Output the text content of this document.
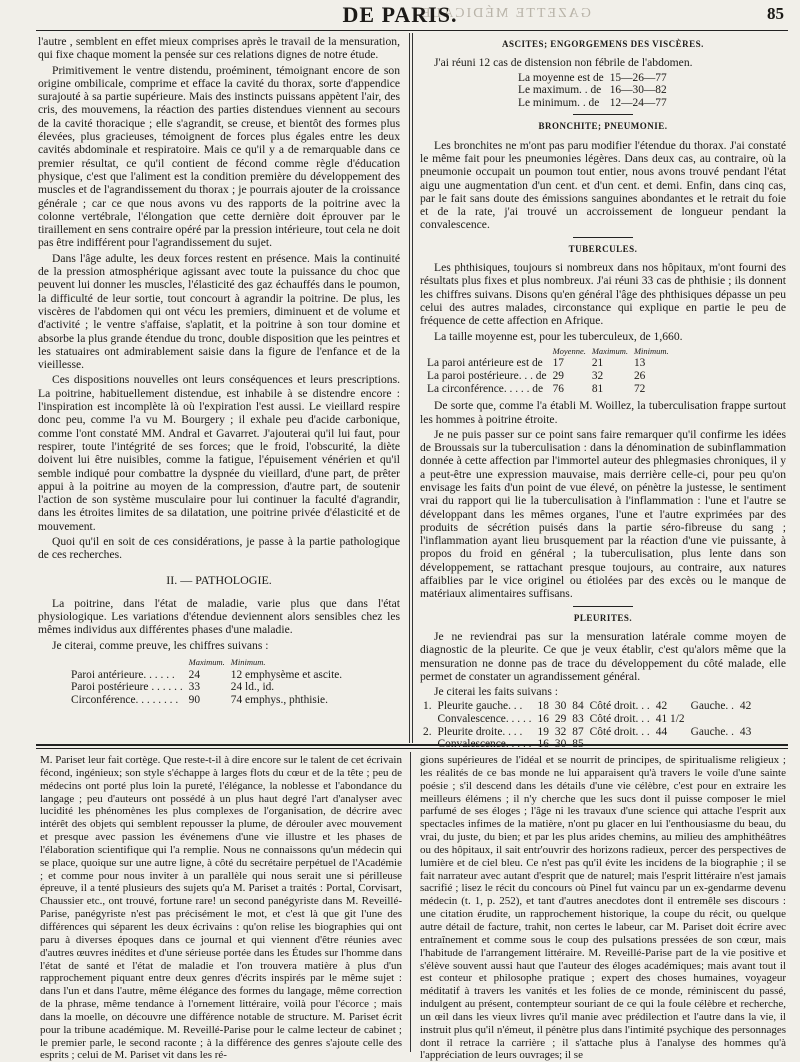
GAZETTE MÉDICALE
DE PARIS.	85

l'autre , semblent en effet mieux comprises après le travail de la mensuration, qui fixe chaque moment la pensée sur ces relations dignes de notre étude.

Primitivement le ventre distendu, proéminent, témoignant encore de son origine ombilicale, comprime et efface la cavité du thorax, sorte d'appendice surajouté à sa partie supérieure. Mais des instincts puissans appètent l'air, des cris, des mouvemens, la réaction des parties distendues viennent au secours de la cavité thoracique ; elle s'agrandit, se creuse, et bientôt des formes plus élevées, plus gracieuses, témoignent de forces plus égales entre les deux cavités abdominale et respiratoire. Mais ce qu'il y a de remarquable dans ce premier résultat, ce qu'il contient de fécond comme règle d'éducation physique, c'est que l'aliment est la condition première du développement des muscles et de l'agrandissement du thorax ; je pourrais ajouter de la croissance générale ; car ce que nous avons vu des rapports de la poitrine avec la colonne vertébrale, l'élongation que cette dernière doit éprouver par le tiraillement en sens contraire opéré par la pression intérieure, tout cela ne doit pas être indifférent pour l'agrandissement du sujet.

Dans l'âge adulte, les deux forces restent en présence. Mais la continuité de la pression atmosphérique agissant avec toute la puissance du choc que peuvent lui donner les muscles, l'élasticité des gaz échauffés dans le poumon, la difficulté de leur sortie, tout concourt à agrandir la poitrine. De plus, les viscères de l'abdomen qui ont vécu les premiers, diminuent et de volume et d'activité ; le ventre s'affaise, s'aplatit, et la poitrine à son tour domine et absorbe la plus grande étendue du tronc, double disposition que les peintres et les statuaires ont admirablement saisie dans la figure de l'enfance et de la vieillesse.

Ces dispositions nouvelles ont leurs conséquences et leurs prescriptions. La poitrine, habituellement distendue, est inhabile à se distendre encore : l'inspiration est incomplète là où l'expiration l'est aussi. Le vieillard respire donc peu, comme l'a vu M. Bourgery ; il exhale peu d'acide carbonique, comme l'ont constaté MM. Andral et Gavarret. J'ajouterai qu'il lui faut, pour respirer, toute l'intégrité de ses forces; que le froid, l'obscurité, la diète doivent lui être nuisibles, comme la fatigue, l'épuisement vénérien et qu'il semble indiqué pour combattre la dyspnée du vieillard, d'une part, de prêter appui à la poitrine au moyen de la compression, d'autre part, de soutenir l'action de son système musculaire pour lui continuer la faculté d'agrandir, dans les étroites limites de sa dilatation, une poitrine privée d'élasticité et de mouvement.

Quoi qu'il en soit de ces considérations, je passe à la partie pathologique de ces recherches.

II. — PATHOLOGIE.

La poitrine, dans l'état de maladie, varie plus que dans l'état physiologique. Les variations d'étendue deviennent alors sensibles chez les mêmes individus aux différentes phases d'une maladie.

Je citerai, comme preuve, les chiffres suivans :

	Maximum.	Minimum.
Paroi antérieure. . . . . .	24	12 emphysème et ascite.
Paroi postérieure . . . . . .	33	24 ld., id.
Circonférence. . . . . . . .	90	74 emphys., phthisie.
ASCITES; ENGORGEMENS DES VISCÈRES.

J'ai réuni 12 cas de distension non fébrile de l'abdomen.

La moyenne est de	15—26—77
Le maximum. . de	16—30—82
Le minimum. . de	12—24—77
BRONCHITE; PNEUMONIE.

Les bronchites ne m'ont pas paru modifier l'étendue du thorax. J'ai constaté le même fait pour les pneumonies légères. Dans deux cas, au contraire, où la pneumonie occupait un poumon tout entier, nous avons trouvé pendant l'état aigu une augmentation d'un cent. et d'un cent. et demi. Enfin, dans cinq cas, par le fait sans doute des émissions sanguines abondantes et le retrait du foie et de la rate, j'ai trouvé un accroissement de longueur pendant la convalescence.

TUBERCULES.

Les phthisiques, toujours si nombreux dans nos hôpitaux, m'ont fourni des résultats plus fixes et plus nombreux. J'ai réuni 33 cas de phthisie ; ils donnent les chiffres suivans. Disons qu'en général l'âge des phthisiques dépasse un peu celui des autres malades, circonstance qui explique en partie le peu de fréquence de cette affection en Afrique.

La taille moyenne est, pour les tuberculeux, de 1,660.

	Moyenne.	Maximum.	Minimum.
La paroi antérieure est de	17	21	13
La paroi postérieure. . . de	29	32	26
La circonférence. . . . . de	76	81	72

De sorte que, comme l'a établi M. Woillez, la tuberculisation frappe surtout les hommes à poitrine étroite.

Je ne puis passer sur ce point sans faire remarquer qu'il confirme les idées de Broussais sur la tuberculisation : dans la dénomination de subinflammation donnée à cette affection par l'immortel auteur des phlegmasies chroniques, il y a peut-être une expression mauvaise, mais derrière celle-ci, pour peu qu'on envisage les faits d'un point de vue élevé, on pénètre la justesse, le sentiment vrai du rapport qui lie la tuberculisation à l'inflammation : l'une et l'autre se développant dans les mêmes organes, l'une et l'autre exprimées par des produits de sécrétion puisés dans la partie séro-fibreuse du sang ; l'inflammation ayant lieu brusquement par la réaction d'une vie puissante, à propos du froid en général ; la tuberculisation, plus lente dans son développement, se rattachant presque toujours, au contraire, aux natures affaiblies par le vice originel ou étiolées par des excès ou le manque de matériaux alimentaires suffisans.

PLEURITES.

Je ne reviendrai pas sur la mensuration latérale comme moyen de diagnostic de la pleurite. Ce que je veux établir, c'est qu'alors même que la mensuration ne donne pas de trace du développement du côté malade, elle permet de constater un agrandissement général.

Je citerai les faits suivans :

1.	Pleurite gauche. . .	18	30	84	Côté droit. . .	42	Gauche. .	42
	Convalescence. . . . .	16	29	83	Côté droit. . .	41 1/2		
2.	Pleurite droite. . . .	19	32	87	Côté droit. . .	44	Gauche. .	43
	Convalescence. . . . .	16	30	85				
M. Pariset leur fait cortège. Que reste-t-il à dire encore sur le talent de cet écrivain fécond, ingénieux; son style s'échappe à larges flots du cœur et de la tête ; peu de médecins ont porté plus loin la pureté, l'élégance, la noblesse et l'abondance du langage ; peu d'auteurs ont possédé à un plus haut degré l'art d'analyser avec lucidité les phénomènes les plus complexes de l'organisation, de décrire avec intérêt des objets qui semblent repousser la plume, de dérouler avec mouvement et presque avec passion les événemens d'une vie illustre et les phases de l'élaboration scientifique qui l'a remplie. Nous ne connaissons qu'un médecin qui se place, quoique sur une autre ligne, à côté du secrétaire perpétuel de l'Académie ; et comme pour nous inviter à un parallèle qui nous serait une si périlleuse épreuve, il a tenté plusieurs des sujets qu'a M. Pariset a traités : Portal, Corvisart, Chaussier etc., ont trouvé, fortune rare! un second panégyriste dans M. Reveillé-Parise, panégyriste n'est pas précisément le mot, et c'est là que git l'une des différences qui séparent les deux écrivains : qu'on relise les biographies qui ont paru à diverses époques dans ce journal et qui viennent d'être réunies avec d'autres œuvres inédites et d'une sérieuse portée dans les Études sur l'homme dans l'état de santé et l'état de maladie et l'on trouvera matière à plus d'un rapprochement piquant entre deux genres d'écrits inspirés par le même sujet : dans l'un et dans l'autre, même élégance des formes du langage, même correction de la phrase, même tendance à l'ornement littéraire, voilà pour l'écorce ; mais dans la moelle, on découvre une différence notable de structure. M. Pariset écrit pour la tribune académique. M. Reveillé-Parise pour le calme lecteur de cabinet ; le premier parle, le second raconte ; à la différence des genres s'ajoute celle des esprits ; celui de M. Pariset vit dans les ré-
gions supérieures de l'idéal et se nourrit de principes, de spiritualisme religieux ; les réalités de ce bas monde ne lui apparaisent qu'à travers le voile d'une sainte poésie ; s'il descend dans les détails d'une vie célèbre, c'est pour en extraire les meilleurs élémens ; il n'y cherche que les sucs dont il puisse composer le miel parfumé de ses éloges ; l'âge ni les travaux d'une science qui attache l'esprit aux spectacles infimes de la matière, n'ont pu glacer en lui l'enthousiasme du beau, du vrai, du juste, du bien; et par les plus arides chemins, au milieu des amphithéâtres ou des hôpitaux, il sait entr'ouvrir des horizons radieux, percer des perspectives de lumière et de ciel bleu. Ce n'est pas qu'il évite les incidens de la biographie ; il se fait narrateur avec autant d'esprit que de naturel; mais l'esprit littéraire n'est jamais sacrifié ; lisez le récit du concours où Pinel fut vaincu par un ex-gendarme devenu médecin (t. 1, p. 252), et tant d'autres anecdotes dont il entremêle ses discours : une citation érudite, un rapprochement historique, la coupe du récit, ou quelque autre détail de facture, trahit, non certes le labeur, car M. Pariset doit écrire avec entraînement et comme sous le coup des pulsations pressées de son cœur, mais l'habitude de l'arrangement littéraire. M. Reveillé-Parise part de la vie positive et s'élève souvent aussi haut que l'auteur des éloges académiques; mais avant tout il est conteur et philosophe pratique ; expert des choses humaines, voyageur méditatif à travers les vanités et les folies de ce monde, réminiscent du passé, indulgent au présent, contempteur souriant de ce qui la foule célèbre et recherche, un œil dans les vieux livres qu'il manie avec prédilection et l'autre dans la vie, il instruit plus qu'il n'émeut, il pénètre plus dans l'intimité psychique des personnages dont il retrace la carrière ; il s'attache plus à l'analyse des hommes qu'à l'appréciation de leurs ouvrages; il se
